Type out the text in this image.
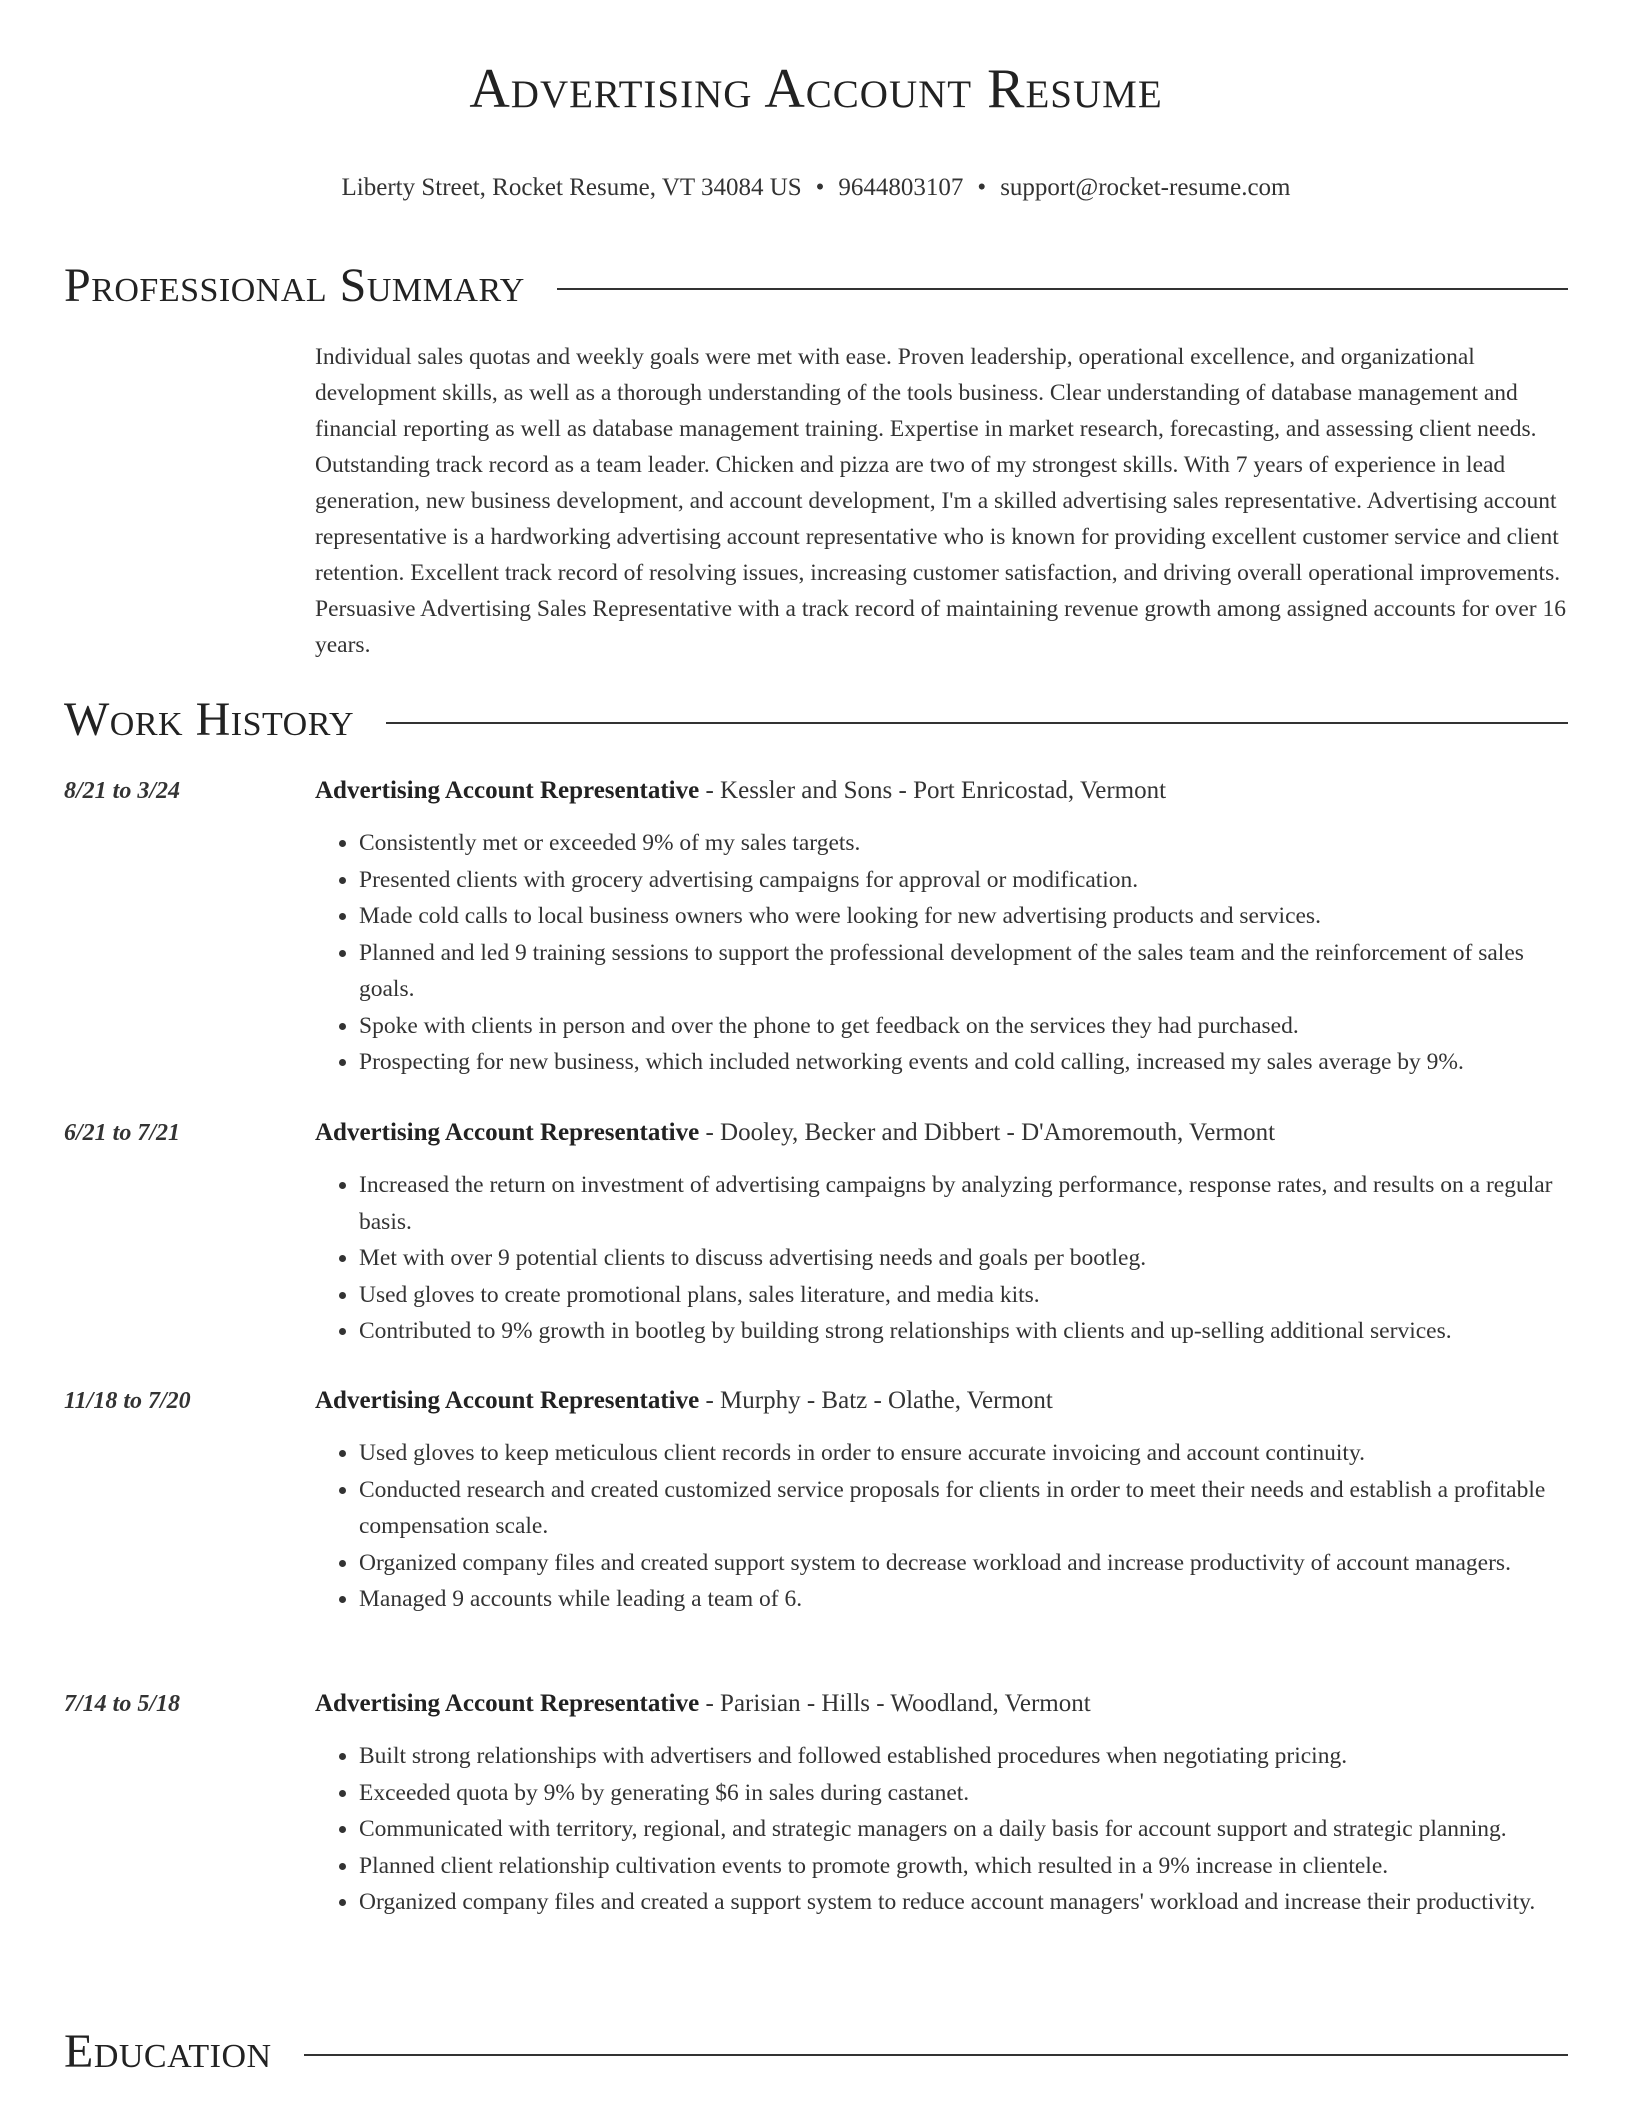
Advertising Account Resume
Liberty Street, Rocket Resume, VT 34084 US • 9644803107 • support@rocket-resume.com
Professional Summary

Individual sales quotas and weekly goals were met with ease. Proven leadership, operational excellence, and organizational development skills, as well as a thorough understanding of the tools business. Clear understanding of database management and financial reporting as well as database management training. Expertise in market research, forecasting, and assessing client needs. Outstanding track record as a team leader. Chicken and pizza are two of my strongest skills. With 7 years of experience in lead generation, new business development, and account development, I'm a skilled advertising sales representative. Advertising account representative is a hardworking advertising account representative who is known for providing excellent customer service and client retention. Excellent track record of resolving issues, increasing customer satisfaction, and driving overall operational improvements. Persuasive Advertising Sales Representative with a track record of maintaining revenue growth among assigned accounts for over 16 years.

Work History
8/21 to 3/24	Advertising Account Representative - Kessler and Sons - Port Enricostad, Vermont
• Consistently met or exceeded 9% of my sales targets.
• Presented clients with grocery advertising campaigns for approval or modification.
• Made cold calls to local business owners who were looking for new advertising products and services.
• Planned and led 9 training sessions to support the professional development of the sales team and the reinforcement of sales goals.
• Spoke with clients in person and over the phone to get feedback on the services they had purchased.
• Prospecting for new business, which included networking events and cold calling, increased my sales average by 9%.
6/21 to 7/21	Advertising Account Representative - Dooley, Becker and Dibbert - D'Amoremouth, Vermont
• Increased the return on investment of advertising campaigns by analyzing performance, response rates, and results on a regular basis.
• Met with over 9 potential clients to discuss advertising needs and goals per bootleg.
• Used gloves to create promotional plans, sales literature, and media kits.
• Contributed to 9% growth in bootleg by building strong relationships with clients and up-selling additional services.
11/18 to 7/20	Advertising Account Representative - Murphy - Batz - Olathe, Vermont
• Used gloves to keep meticulous client records in order to ensure accurate invoicing and account continuity.
• Conducted research and created customized service proposals for clients in order to meet their needs and establish a profitable compensation scale.
• Organized company files and created support system to decrease workload and increase productivity of account managers.
• Managed 9 accounts while leading a team of 6.
7/14 to 5/18	Advertising Account Representative - Parisian - Hills - Woodland, Vermont
• Built strong relationships with advertisers and followed established procedures when negotiating pricing.
• Exceeded quota by 9% by generating $6 in sales during castanet.
• Communicated with territory, regional, and strategic managers on a daily basis for account support and strategic planning.
• Planned client relationship cultivation events to promote growth, which resulted in a 9% increase in clientele.
• Organized company files and created a support system to reduce account managers' workload and increase their productivity.
Education
